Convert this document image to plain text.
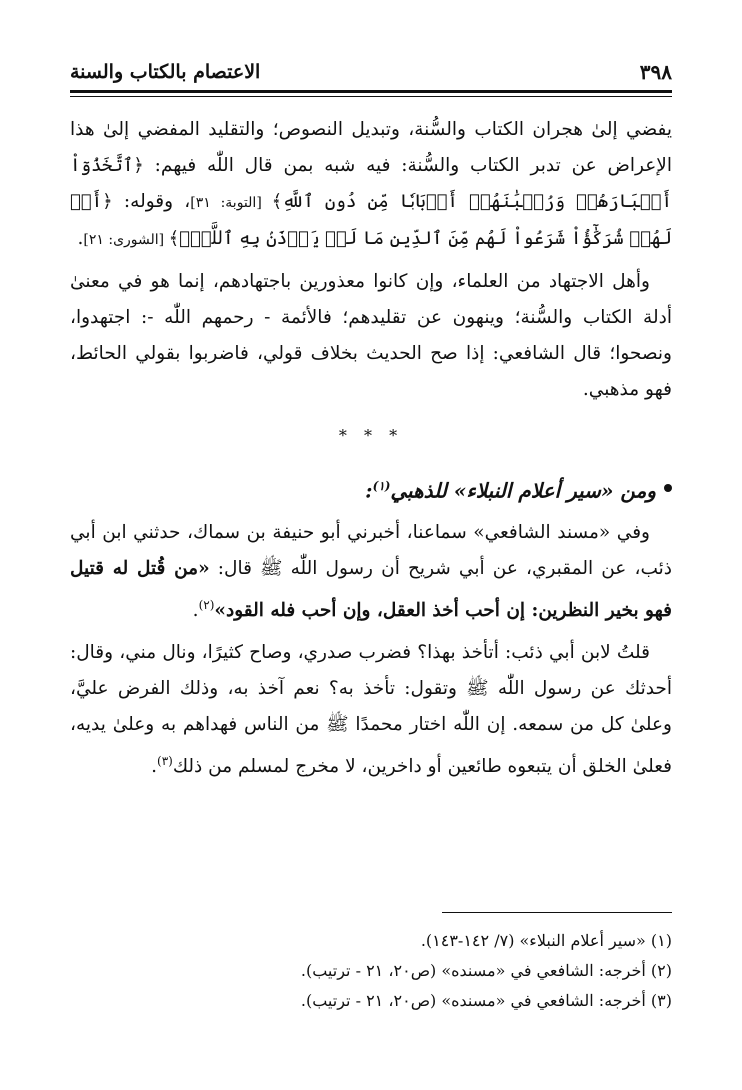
الاعتصام بالكتاب والسنة	٣٩٨

يفضي إلىٰ هجران الكتاب والسُّنة، وتبديل النصوص؛ والتقليد المفضي إلىٰ هذا الإعراض عن تدبر الكتاب والسُّنة: فيه شبه بمن قال اللّٰه فيهم: ﴿ٱتَّخَذُوٓاْ أَحۡبَارَهُمۡ وَرُهۡبَٰنَهُمۡ أَرۡبَابٗا مِّن دُونِ ٱللَّهِ﴾ [التوبة: ٣١]، وقوله: ﴿أَمۡ لَهُمۡ شُرَكَٰٓؤُاْ شَرَعُواْ لَهُم مِّنَ ٱلدِّينِ مَا لَمۡ يَأۡذَنۢ بِهِ ٱللَّهُۚ﴾ [الشورى: ٢١].

وأهل الاجتهاد من العلماء، وإن كانوا معذورين باجتهادهم، إنما هو في معنىٰ أدلة الكتاب والسُّنة؛ وينهون عن تقليدهم؛ فالأئمة - رحمهم اللّٰه -: اجتهدوا، ونصحوا؛ قال الشافعي: إذا صح الحديث بخلاف قولي، فاضربوا بقولي الحائط، فهو مذهبي.

* * *
ومن «سير أعلام النبلاء» للذهبي$^{(١)}$:

وفي «مسند الشافعي» سماعنا، أخبرني أبو حنيفة بن سماك، حدثني ابن أبي ذئب، عن المقبري، عن أبي شريح أن رسول اللّٰه ﷺ قال: «من قُتل له قتيل فهو بخير النظرين: إن أحب أخذ العقل، وإن أحب فله القود»$^{(٢)}$.

قلتُ لابن أبي ذئب: أتأخذ بهذا؟ فضرب صدري، وصاح كثيرًا، ونال مني، وقال: أحدثك عن رسول اللّٰه ﷺ وتقول: تأخذ به؟ نعم آخذ به، وذلك الفرض عليَّ، وعلىٰ كل من سمعه. إن اللّٰه اختار محمدًا ﷺ من الناس فهداهم به وعلىٰ يديه، فعلىٰ الخلق أن يتبعوه طائعين أو داخرين، لا مخرج لمسلم من ذلك$^{(٣)}$.

(١) «سير أعلام النبلاء» (٧/ ١٤٢-١٤٣).
(٢) أخرجه: الشافعي في «مسنده» (ص٢٠، ٢١ - ترتيب).
(٣) أخرجه: الشافعي في «مسنده» (ص٢٠، ٢١ - ترتيب).
